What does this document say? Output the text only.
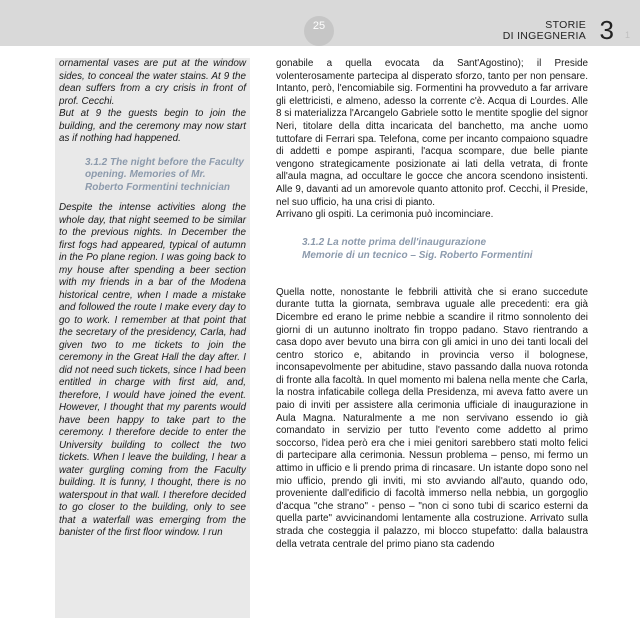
25	STORIE
DI INGEGNERIA 3 1

ornamental vases are put at the window sides, to conceal the water stains. At 9 the dean suffers from a cry crisis in front of prof. Cecchi.

But at 9 the guests begin to join the building, and the ceremony may now start as if nothing had happened.

3.1.2 The night before the Faculty opening. Memories of Mr. Roberto Formentini technician

Despite the intense activities along the whole day, that night seemed to be similar to the previous nights. In December the first fogs had appeared, typical of autumn in the Po plane region. I was going back to my house after spending a beer section with my friends in a bar of the Modena historical centre, when I made a mistake and followed the route I make every day to go to work. I remember at that point that the secretary of the presidency, Carla, had given two to me tickets to join the ceremony in the Great Hall the day after. I did not need such tickets, since I had been entitled in charge with first aid, and, therefore, I would have joined the event. However, I thought that my parents would have been happy to take part to the ceremony. I therefore decide to enter the University building to collect the two tickets. When I leave the building, I hear a water gurgling coming from the Faculty building. It is funny, I thought, there is no waterspout in that wall. I therefore decided to go closer to the building, only to see that a waterfall was emerging from the banister of the first floor window. I run

gonabile a quella evocata da Sant'Agostino); il Preside volenterosamente partecipa al disperato sforzo, tanto per non pensare. Intanto, però, l'encomiabile sig. Formentini ha provveduto a far arrivare gli elettricisti, e almeno, adesso la corrente c'è. Acqua di Lourdes. Alle 8 si materializza l'Arcangelo Gabriele sotto le mentite spoglie del signor Neri, titolare della ditta incaricata del banchetto, ma anche uomo tuttofare di Ferrari spa. Telefona, come per incanto compaiono squadre di addetti e pompe aspiranti, l'acqua scompare, due belle piante vengono strategicamente posizionate ai lati della vetrata, di fronte all'aula magna, ad occultare le gocce che ancora scendono insistenti. Alle 9, davanti ad un amorevole quanto attonito prof. Cecchi, il Preside, nel suo ufficio, ha una crisi di pianto.

Arrivano gli ospiti. La cerimonia può incominciare.

3.1.2 La notte prima dell'inaugurazione
Memorie di un tecnico – Sig. Roberto Formentini

Quella notte, nonostante le febbrili attività che si erano succedute durante tutta la giornata, sembrava uguale alle precedenti: era già Dicembre ed erano le prime nebbie a scandire il ritmo sonnolento dei giorni di un autunno inoltrato fin troppo padano. Stavo rientrando a casa dopo aver bevuto una birra con gli amici in uno dei tanti locali del centro storico e, abitando in provincia verso il bolognese, inconsapevolmente per abitudine, stavo passando dalla nuova rotonda di fronte alla facoltà. In quel momento mi balena nella mente che Carla, la nostra infaticabile collega della Presidenza, mi aveva fatto avere un paio di inviti per assistere alla cerimonia ufficiale di inaugurazione in Aula Magna. Naturalmente a me non servivano essendo io già comandato in servizio per tutto l'evento come addetto al primo soccorso, l'idea però era che i miei genitori sarebbero stati molto felici di partecipare alla cerimonia. Nessun problema – penso, mi fermo un attimo in ufficio e li prendo prima di rincasare. Un istante dopo sono nel mio ufficio, prendo gli inviti, mi sto avviando all'auto, quando odo, proveniente dall'edificio di facoltà immerso nella nebbia, un gorgoglio d'acqua "che strano" - penso – "non ci sono tubi di scarico esterni da quella parte" avvicinandomi lentamente alla costruzione. Arrivato sulla strada che costeggia il palazzo, mi blocco stupefatto: dalla balaustra della vetrata centrale del primo piano sta cadendo
